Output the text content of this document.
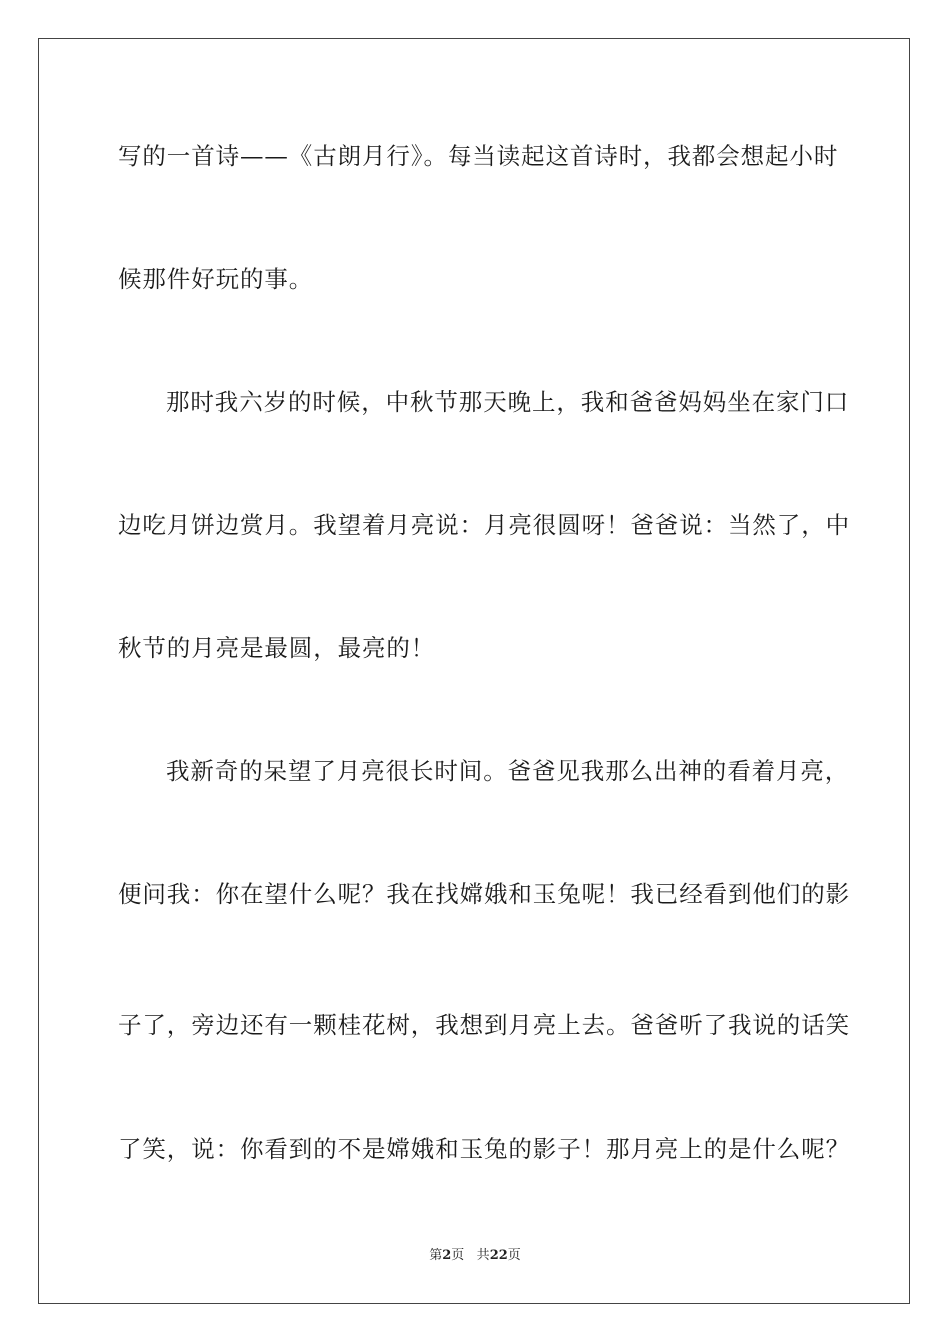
写的一首诗——《古朗月行》。每当读起这首诗时，我都会想起小时
候那件好玩的事。
那时我六岁的时候，中秋节那天晚上，我和爸爸妈妈坐在家门口
边吃月饼边赏月。我望着月亮说：月亮很圆呀！爸爸说：当然了，中
秋节的月亮是最圆，最亮的！
我新奇的呆望了月亮很长时间。爸爸见我那么出神的看着月亮，
便问我：你在望什么呢？我在找嫦娥和玉兔呢！我已经看到他们的影
子了，旁边还有一颗桂花树，我想到月亮上去。爸爸听了我说的话笑
了笑，说：你看到的不是嫦娥和玉兔的影子！那月亮上的是什么呢？
第2页 共22页
